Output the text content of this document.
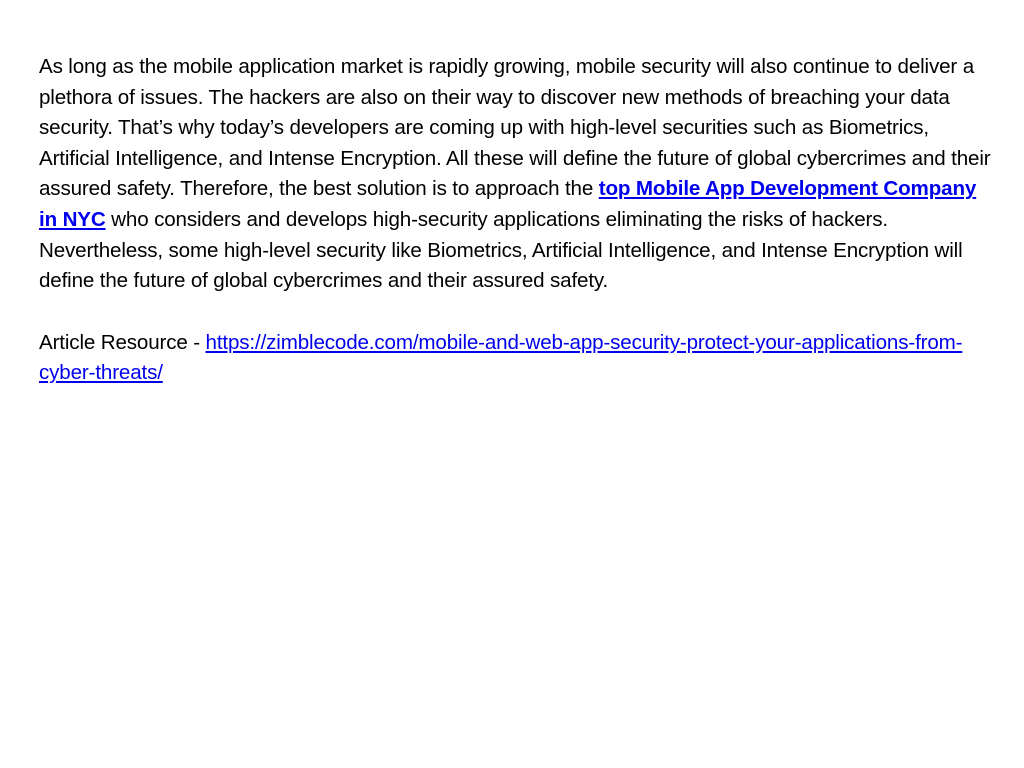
As long as the mobile application market is rapidly growing, mobile security will also continue to deliver a plethora of issues. The hackers are also on their way to discover new methods of breaching your data security. That’s why today’s developers are coming up with high-level securities such as Biometrics, Artificial Intelligence, and Intense Encryption. All these will define the future of global cybercrimes and their assured safety. Therefore, the best solution is to approach the top Mobile App Development Company in NYC who considers and develops high-security applications eliminating the risks of hackers. Nevertheless, some high-level security like Biometrics, Artificial Intelligence, and Intense Encryption will define the future of global cybercrimes and their assured safety.

Article Resource - https://zimblecode.com/mobile-and-web-app-security-protect-your-applications-from-cyber-threats/
